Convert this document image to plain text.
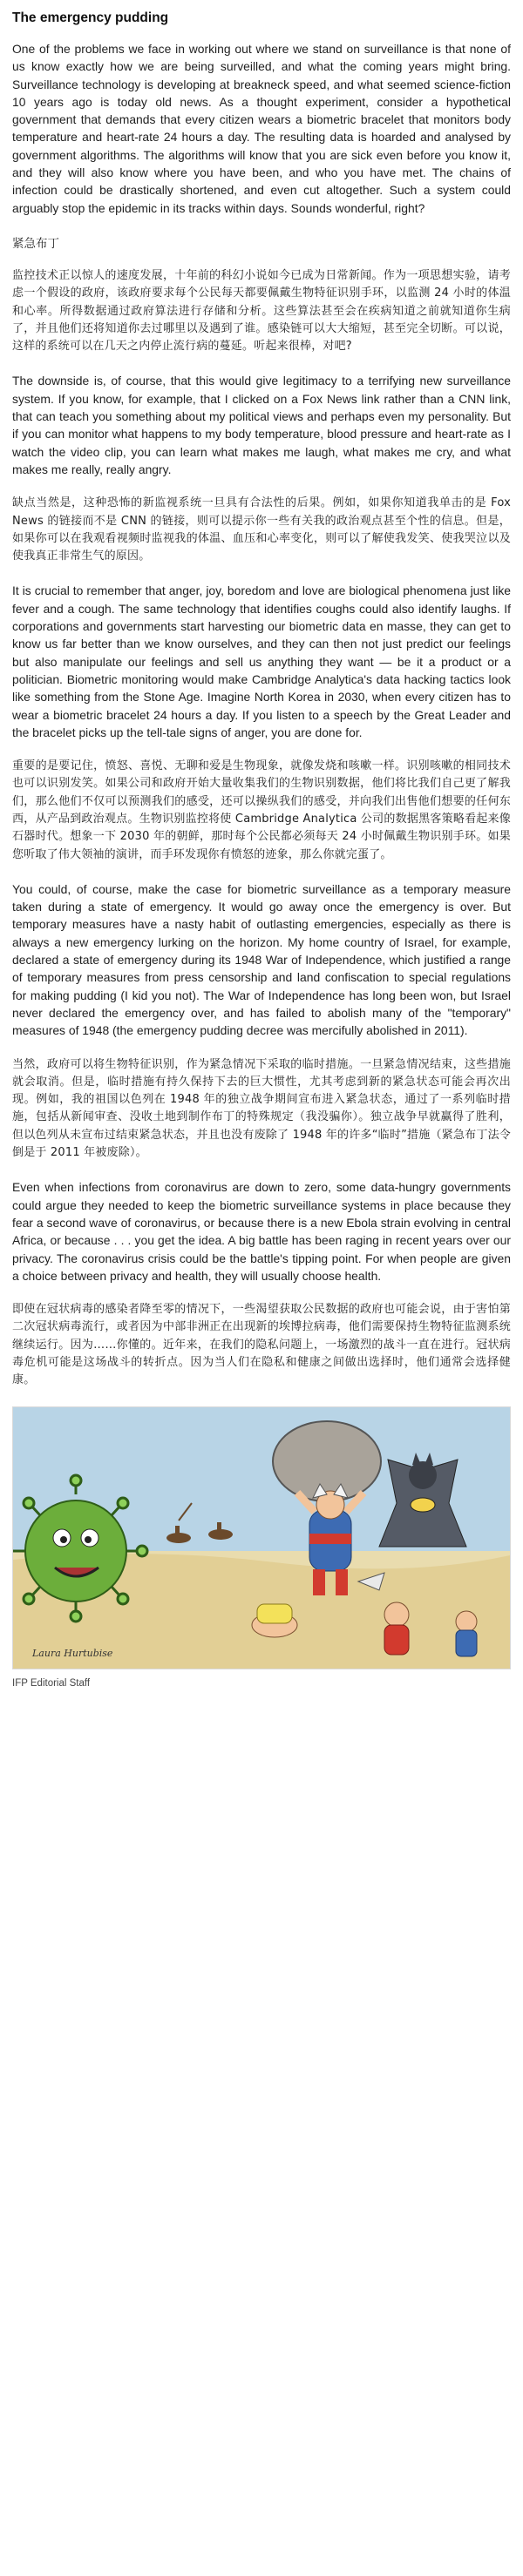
The emergency pudding

One of the problems we face in working out where we stand on surveillance is that none of us know exactly how we are being surveilled, and what the coming years might bring. Surveillance technology is developing at breakneck speed, and what seemed science-fiction 10 years ago is today old news. As a thought experiment, consider a hypothetical government that demands that every citizen wears a biometric bracelet that monitors body temperature and heart-rate 24 hours a day. The resulting data is hoarded and analysed by government algorithms. The algorithms will know that you are sick even before you know it, and they will also know where you have been, and who you have met. The chains of infection could be drastically shortened, and even cut altogether. Such a system could arguably stop the epidemic in its tracks within days. Sounds wonderful, right?

紧急布丁

监控技术正以惊人的速度发展，十年前的科幻小说如今已成为日常新闻。作为一项思想实验，请考虑一个假设的政府，该政府要求每个公民每天都要佩戴生物特征识别手环，以监测 24 小时的体温和心率。所得数据通过政府算法进行存储和分析。这些算法甚至会在疾病知道之前就知道你生病了，并且他们还将知道你去过哪里以及遇到了谁。感染链可以大大缩短，甚至完全切断。可以说，这样的系统可以在几天之内停止流行病的蔓延。听起来很棒，对吧?

The downside is, of course, that this would give legitimacy to a terrifying new surveillance system. If you know, for example, that I clicked on a Fox News link rather than a CNN link, that can teach you something about my political views and perhaps even my personality. But if you can monitor what happens to my body temperature, blood pressure and heart-rate as I watch the video clip, you can learn what makes me laugh, what makes me cry, and what makes me really, really angry.

缺点当然是，这种恐怖的新监视系统一旦具有合法性的后果。例如，如果你知道我单击的是 Fox News 的链接而不是 CNN 的链接，则可以提示你一些有关我的政治观点甚至个性的信息。但是，如果你可以在我观看视频时监视我的体温、血压和心率变化，则可以了解使我发笑、使我哭泣以及使我真正非常生气的原因。

It is crucial to remember that anger, joy, boredom and love are biological phenomena just like fever and a cough. The same technology that identifies coughs could also identify laughs. If corporations and governments start harvesting our biometric data en masse, they can get to know us far better than we know ourselves, and they can then not just predict our feelings but also manipulate our feelings and sell us anything they want — be it a product or a politician. Biometric monitoring would make Cambridge Analytica's data hacking tactics look like something from the Stone Age. Imagine North Korea in 2030, when every citizen has to wear a biometric bracelet 24 hours a day. If you listen to a speech by the Great Leader and the bracelet picks up the tell-tale signs of anger, you are done for.

重要的是要记住，愤怒、喜悦、无聊和爱是生物现象，就像发烧和咳嗽一样。识别咳嗽的相同技术也可以识别发笑。如果公司和政府开始大量收集我们的生物识别数据，他们将比我们自己更了解我们，那么他们不仅可以预测我们的感受，还可以操纵我们的感受，并向我们出售他们想要的任何东西，从产品到政治观点。生物识别监控将使 Cambridge Analytica 公司的数据黑客策略看起来像石器时代。想象一下 2030 年的朝鲜，那时每个公民都必须每天 24 小时佩戴生物识别手环。如果您听取了伟大领袖的演讲，而手环发现你有愤怒的迹象，那么你就完蛋了。

You could, of course, make the case for biometric surveillance as a temporary measure taken during a state of emergency. It would go away once the emergency is over. But temporary measures have a nasty habit of outlasting emergencies, especially as there is always a new emergency lurking on the horizon. My home country of Israel, for example, declared a state of emergency during its 1948 War of Independence, which justified a range of temporary measures from press censorship and land confiscation to special regulations for making pudding (I kid you not). The War of Independence has long been won, but Israel never declared the emergency over, and has failed to abolish many of the "temporary" measures of 1948 (the emergency pudding decree was mercifully abolished in 2011).

当然，政府可以将生物特征识别，作为紧急情况下采取的临时措施。一旦紧急情况结束，这些措施就会取消。但是，临时措施有持久保持下去的巨大惯性，尤其考虑到新的紧急状态可能会再次出现。例如，我的祖国以色列在 1948 年的独立战争期间宣布进入紧急状态，通过了一系列临时措施，包括从新闻审查、没收土地到制作布丁的特殊规定（我没骗你）。独立战争早就赢得了胜利，但以色列从未宣布过结束紧急状态，并且也没有废除了 1948 年的许多“临时”措施（紧急布丁法令倒是于 2011 年被废除）。

Even when infections from coronavirus are down to zero, some data-hungry governments could argue they needed to keep the biometric surveillance systems in place because they fear a second wave of coronavirus, or because there is a new Ebola strain evolving in central Africa, or because . . . you get the idea. A big battle has been raging in recent years over our privacy. The coronavirus crisis could be the battle's tipping point. For when people are given a choice between privacy and health, they will usually choose health.

即使在冠状病毒的感染者降至零的情况下，一些渴望获取公民数据的政府也可能会说，由于害怕第二次冠状病毒流行，或者因为中部非洲正在出现新的埃博拉病毒，他们需要保持生物特征监测系统继续运行。因为……你懂的。近年来，在我们的隐私问题上，一场激烈的战斗一直在进行。冠状病毒危机可能是这场战斗的转折点。因为当人们在隐私和健康之间做出选择时，他们通常会选择健康。

Laura Hurtubise

IFP Editorial Staff
